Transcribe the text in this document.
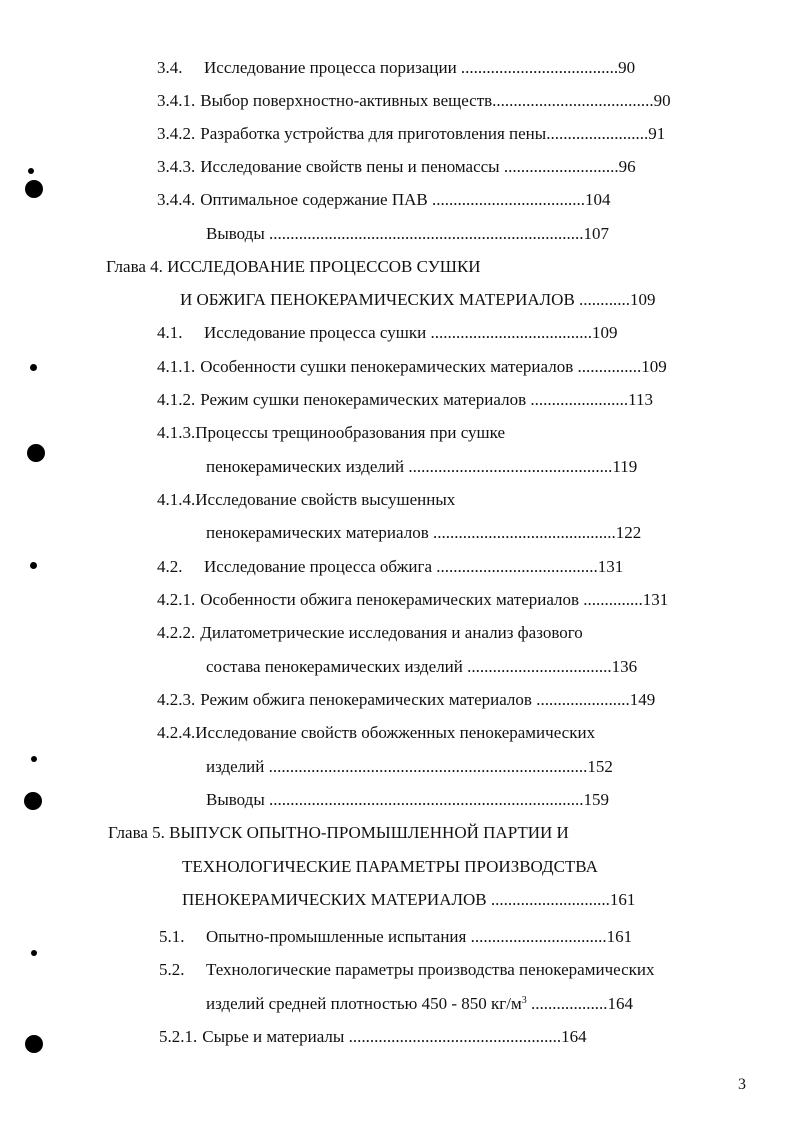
3.4. Исследование процесса поризации .....................................90
3.4.1. Выбор поверхностно-активных веществ......................................90
3.4.2. Разработка устройства для приготовления пены........................91
3.4.3. Исследование свойств пены и пеномассы ...........................96
3.4.4. Оптимальное содержание ПАВ ....................................104
Выводы ..........................................................................107
Глава 4. ИССЛЕДОВАНИЕ ПРОЦЕССОВ СУШКИ
И ОБЖИГА ПЕНОКЕРАМИЧЕСКИХ МАТЕРИАЛОВ ............109
4.1. Исследование процесса сушки ......................................109
4.1.1. Особенности сушки пенокерамических материалов ...............109
4.1.2. Режим сушки пенокерамических материалов .......................113
4.1.3.Процессы трещинообразования при сушке
пенокерамических изделий ................................................119
4.1.4.Исследование свойств высушенных
пенокерамических материалов ...........................................122
4.2. Исследование процесса обжига ......................................131
4.2.1. Особенности обжига пенокерамических материалов ..............131
4.2.2. Дилатометрические исследования и анализ фазового
состава пенокерамических изделий ..................................136
4.2.3. Режим обжига пенокерамических материалов ......................149
4.2.4.Исследование свойств обожженных пенокерамических
изделий ...........................................................................152
Выводы ..........................................................................159
Глава 5. ВЫПУСК ОПЫТНО-ПРОМЫШЛЕННОЙ ПАРТИИ И
ТЕХНОЛОГИЧЕСКИЕ ПАРАМЕТРЫ ПРОИЗВОДСТВА
ПЕНОКЕРАМИЧЕСКИХ МАТЕРИАЛОВ ............................161
5.1. Опытно-промышленные испытания ................................161
5.2. Технологические параметры производства пенокерамических
изделий средней плотностью 450 - 850 $кг/м^3$ ..................164
5.2.1. Сырье и материалы ..................................................164
3
